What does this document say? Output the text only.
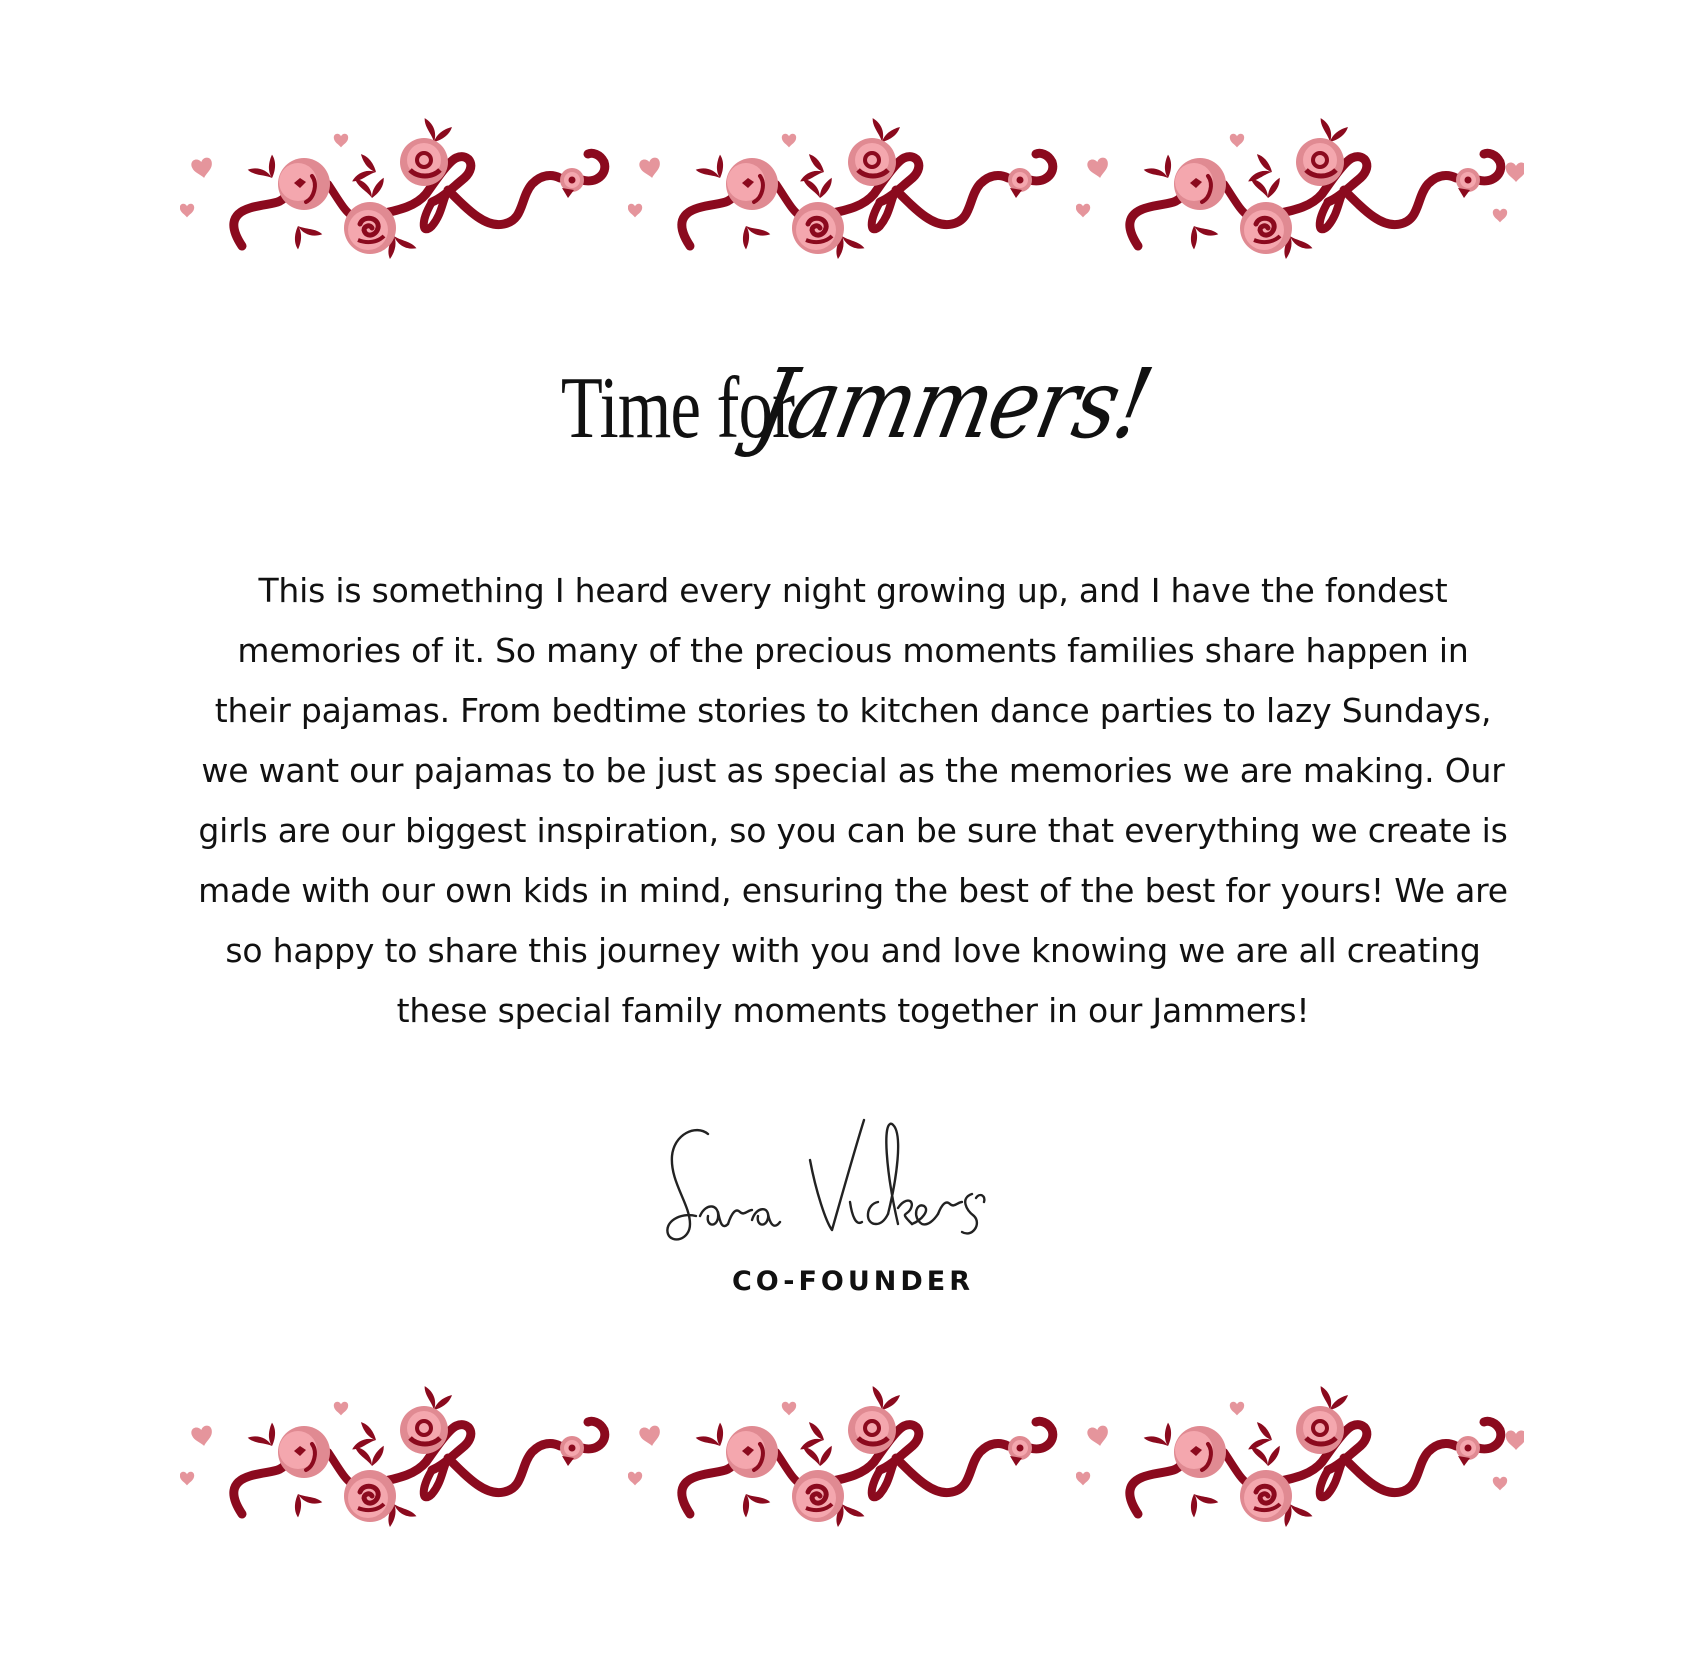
Time for Jammers!
This is something I heard every night growing up, and I have the fondest
memories of it. So many of the precious moments families share happen in
their pajamas. From bedtime stories to kitchen dance parties to lazy Sundays,
we want our pajamas to be just as special as the memories we are making. Our
girls are our biggest inspiration, so you can be sure that everything we create is
made with our own kids in mind, ensuring the best of the best for yours! We are
so happy to share this journey with you and love knowing we are all creating
these special family moments together in our Jammers!
CO-FOUNDER
